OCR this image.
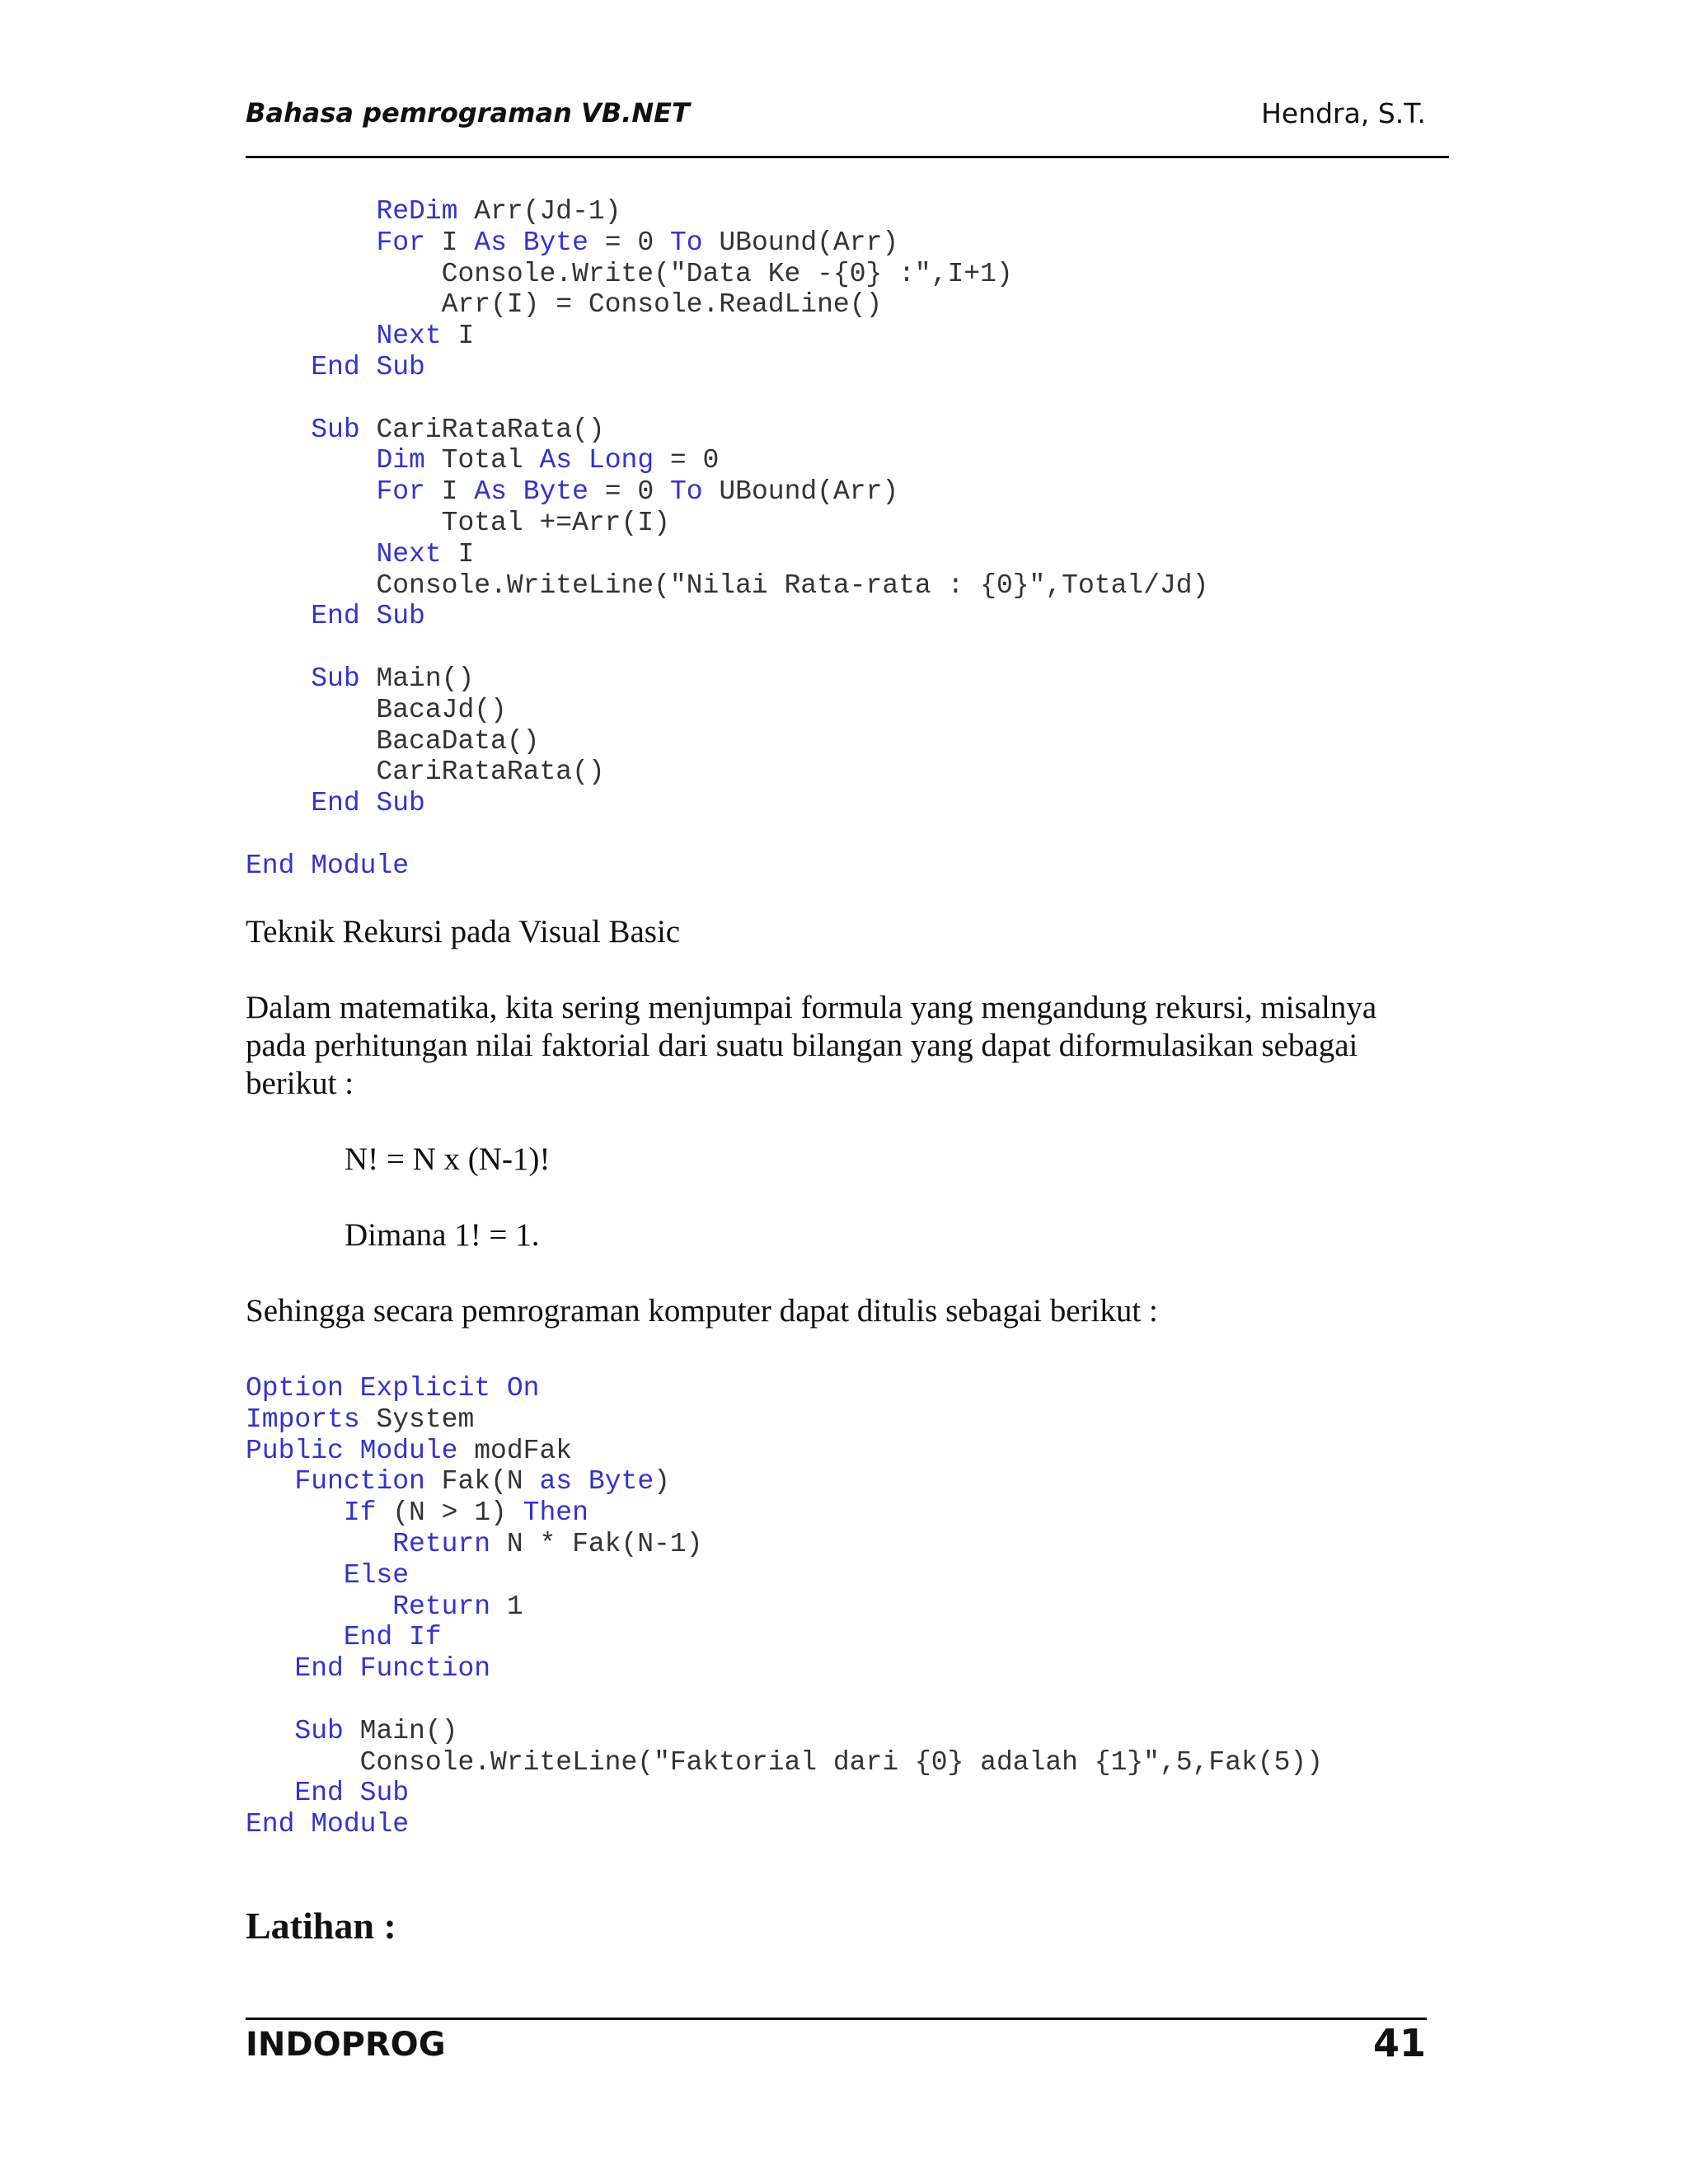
Bahasa pemrograman VB.NET	Hendra, S.T.
ReDim Arr(Jd-1)
For I As Byte = 0 To UBound(Arr)
Console.Write("Data Ke -{0} :",I+1)
Arr(I) = Console.ReadLine()
Next I
End Sub
Sub CariRataRata()
Dim Total As Long = 0
For I As Byte = 0 To UBound(Arr)
Total +=Arr(I)
Next I
Console.WriteLine("Nilai Rata-rata : {0}",Total/Jd)
End Sub
Sub Main()
BacaJd()
BacaData()
CariRataRata()
End Sub
End Module
Teknik Rekursi pada Visual Basic
Dalam matematika, kita sering menjumpai formula yang mengandung rekursi, misalnya pada perhitungan nilai faktorial dari suatu bilangan yang dapat diformulasikan sebagai berikut :
N! = N x (N-1)!
Dimana 1! = 1.
Sehingga secara pemrograman komputer dapat ditulis sebagai berikut :
Option Explicit On
Imports System
Public Module modFak
Function Fak(N as Byte)
If (N > 1) Then
Return N * Fak(N-1)
Else
Return 1
End If
End Function
Sub Main()
Console.WriteLine("Faktorial dari {0} adalah {1}",5,Fak(5))
End Sub
End Module
Latihan :
INDOPROG	41
